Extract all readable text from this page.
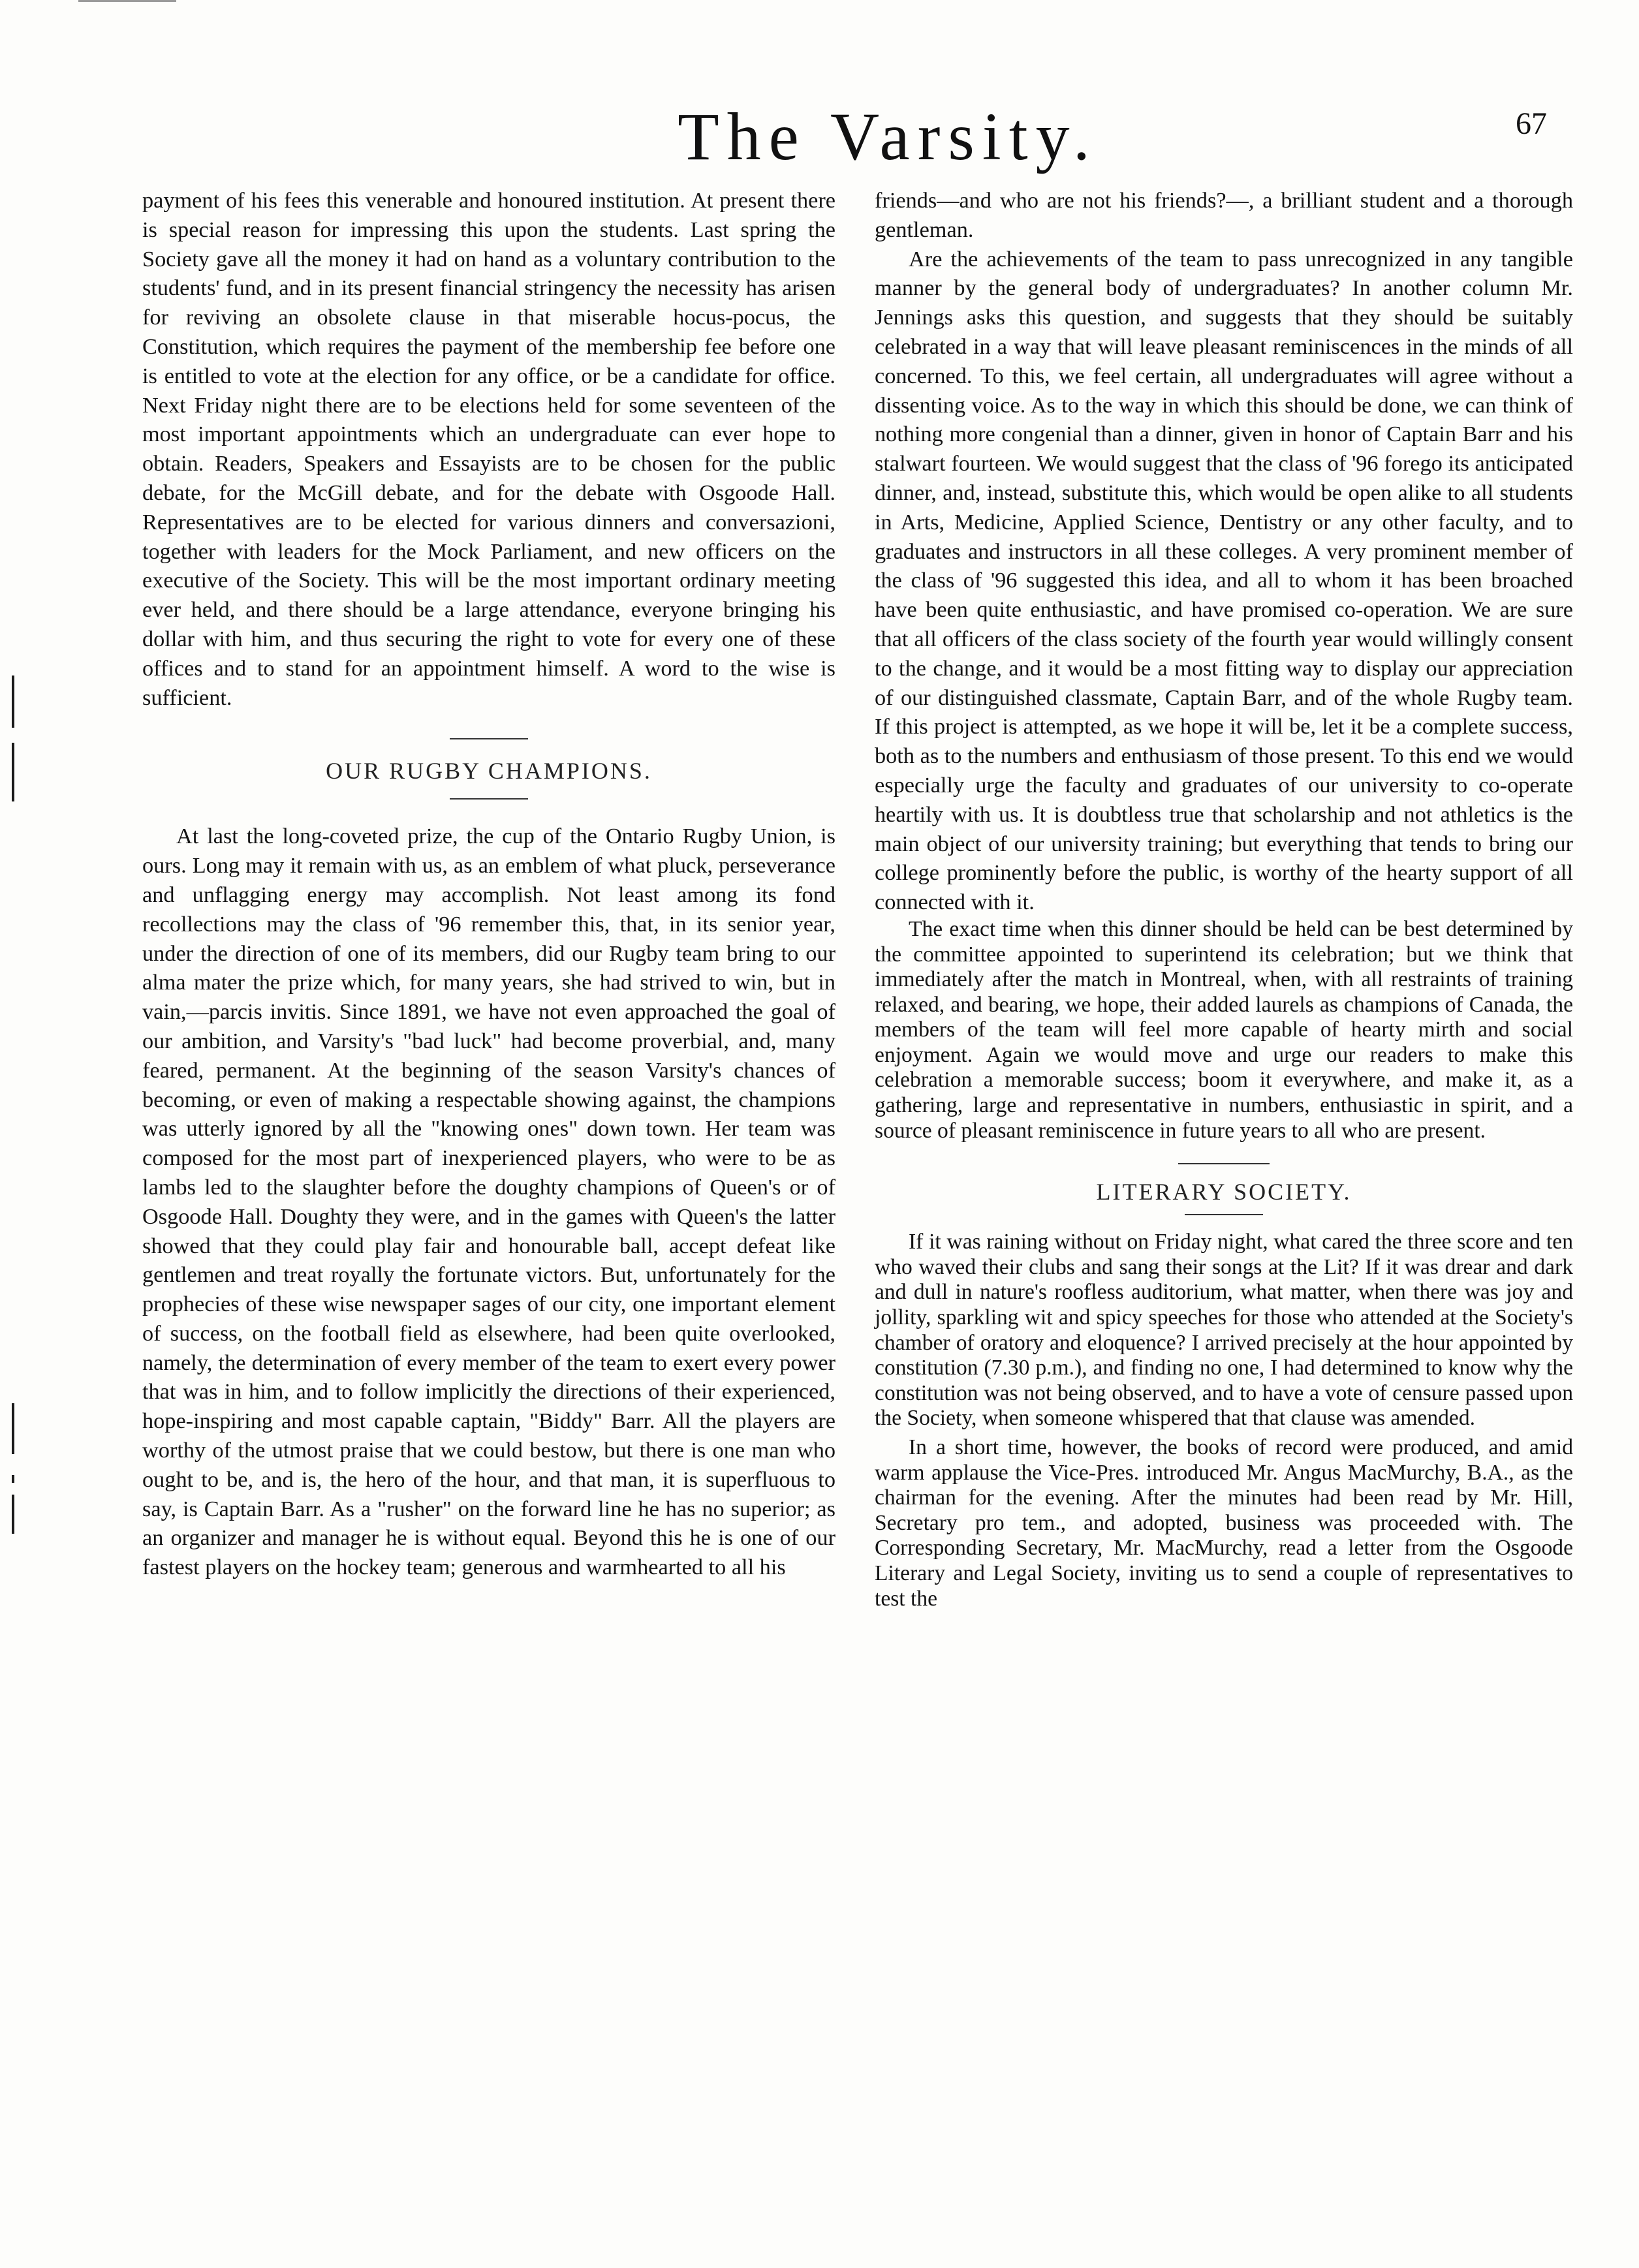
The Varsity.	67

payment of his fees this venerable and honoured institution. At present there is special reason for impressing this upon the students. Last spring the Society gave all the money it had on hand as a voluntary contribution to the students' fund, and in its present financial stringency the necessity has arisen for reviving an obsolete clause in that miserable hocus-pocus, the Constitution, which requires the payment of the membership fee before one is entitled to vote at the election for any office, or be a candidate for office. Next Friday night there are to be elections held for some seventeen of the most important appointments which an undergraduate can ever hope to obtain. Readers, Speakers and Essayists are to be chosen for the public debate, for the McGill debate, and for the debate with Osgoode Hall. Representatives are to be elected for various dinners and conversazioni, together with leaders for the Mock Parliament, and new officers on the executive of the Society. This will be the most important ordinary meeting ever held, and there should be a large attendance, everyone bringing his dollar with him, and thus securing the right to vote for every one of these offices and to stand for an appointment himself. A word to the wise is sufficient.

OUR RUGBY CHAMPIONS.

At last the long-coveted prize, the cup of the Ontario Rugby Union, is ours. Long may it remain with us, as an emblem of what pluck, perseverance and unflagging energy may accomplish. Not least among its fond recollections may the class of '96 remember this, that, in its senior year, under the direction of one of its members, did our Rugby team bring to our alma mater the prize which, for many years, she had strived to win, but in vain,—parcis invitis. Since 1891, we have not even approached the goal of our ambition, and Varsity's "bad luck" had become proverbial, and, many feared, permanent. At the beginning of the season Varsity's chances of becoming, or even of making a respectable showing against, the champions was utterly ignored by all the "knowing ones" down town. Her team was composed for the most part of inexperienced players, who were to be as lambs led to the slaughter before the doughty champions of Queen's or of Osgoode Hall. Doughty they were, and in the games with Queen's the latter showed that they could play fair and honourable ball, accept defeat like gentlemen and treat royally the fortunate victors. But, unfortunately for the prophecies of these wise newspaper sages of our city, one important element of success, on the football field as elsewhere, had been quite overlooked, namely, the determination of every member of the team to exert every power that was in him, and to follow implicitly the directions of their experienced, hope-inspiring and most capable captain, "Biddy" Barr. All the players are worthy of the utmost praise that we could bestow, but there is one man who ought to be, and is, the hero of the hour, and that man, it is superfluous to say, is Captain Barr. As a "rusher" on the forward line he has no superior; as an organizer and manager he is without equal. Beyond this he is one of our fastest players on the hockey team; generous and warmhearted to all his

friends—and who are not his friends?—, a brilliant student and a thorough gentleman.

Are the achievements of the team to pass unrecognized in any tangible manner by the general body of undergraduates? In another column Mr. Jennings asks this question, and suggests that they should be suitably celebrated in a way that will leave pleasant reminiscences in the minds of all concerned. To this, we feel certain, all undergraduates will agree without a dissenting voice. As to the way in which this should be done, we can think of nothing more congenial than a dinner, given in honor of Captain Barr and his stalwart fourteen. We would suggest that the class of '96 forego its anticipated dinner, and, instead, substitute this, which would be open alike to all students in Arts, Medicine, Applied Science, Dentistry or any other faculty, and to graduates and instructors in all these colleges. A very prominent member of the class of '96 suggested this idea, and all to whom it has been broached have been quite enthusiastic, and have promised co-operation. We are sure that all officers of the class society of the fourth year would willingly consent to the change, and it would be a most fitting way to display our appreciation of our distinguished classmate, Captain Barr, and of the whole Rugby team. If this project is attempted, as we hope it will be, let it be a complete success, both as to the numbers and enthusiasm of those present. To this end we would especially urge the faculty and graduates of our university to co-operate heartily with us. It is doubtless true that scholarship and not athletics is the main object of our university training; but everything that tends to bring our college prominently before the public, is worthy of the hearty support of all connected with it.

The exact time when this dinner should be held can be best determined by the committee appointed to superintend its celebration; but we think that immediately after the match in Montreal, when, with all restraints of training relaxed, and bearing, we hope, their added laurels as champions of Canada, the members of the team will feel more capable of hearty mirth and social enjoyment. Again we would move and urge our readers to make this celebration a memorable success; boom it everywhere, and make it, as a gathering, large and representative in numbers, enthusiastic in spirit, and a source of pleasant reminiscence in future years to all who are present.

LITERARY SOCIETY.

If it was raining without on Friday night, what cared the three score and ten who waved their clubs and sang their songs at the Lit? If it was drear and dark and dull in nature's roofless auditorium, what matter, when there was joy and jollity, sparkling wit and spicy speeches for those who attended at the Society's chamber of oratory and eloquence? I arrived precisely at the hour appointed by constitution (7.30 p.m.), and finding no one, I had determined to know why the constitution was not being observed, and to have a vote of censure passed upon the Society, when someone whispered that that clause was amended.

In a short time, however, the books of record were produced, and amid warm applause the Vice-Pres. introduced Mr. Angus MacMurchy, B.A., as the chairman for the evening. After the minutes had been read by Mr. Hill, Secretary pro tem., and adopted, business was proceeded with. The Corresponding Secretary, Mr. MacMurchy, read a letter from the Osgoode Literary and Legal Society, inviting us to send a couple of representatives to test the
